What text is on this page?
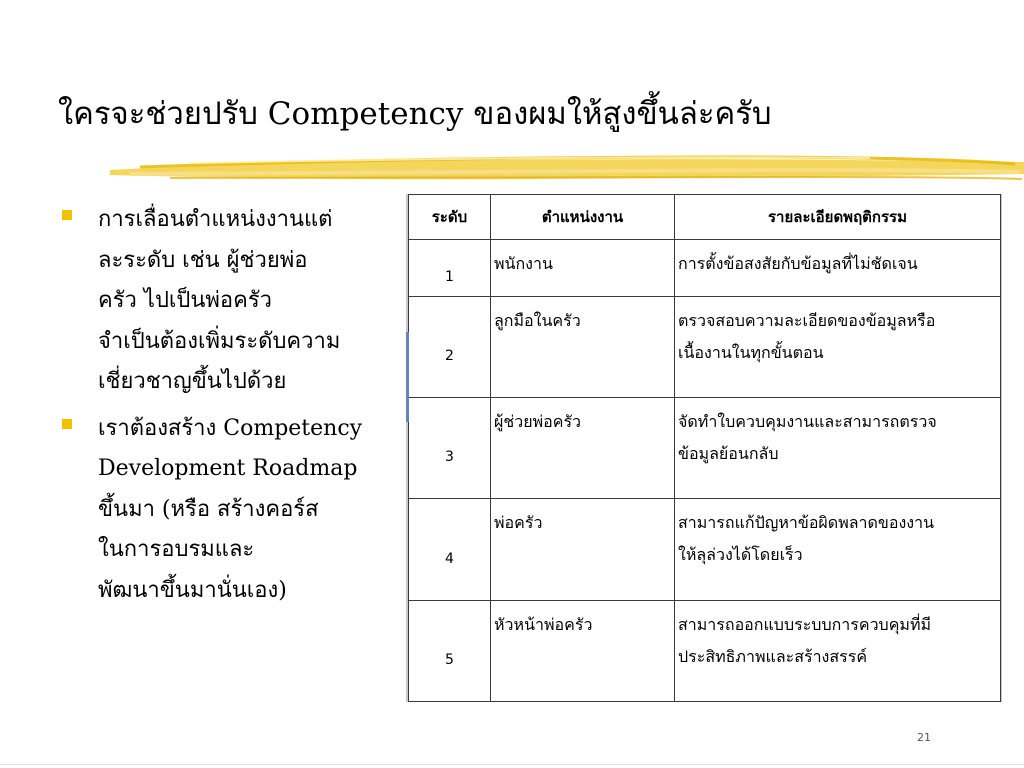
ใครจะช่วยปรับ Competency ของผมให้สูงขึ้นล่ะครับ
การเลื่อนตำแหน่งงานแต่
ละระดับ เช่น ผู้ช่วยพ่อ
ครัว ไปเป็นพ่อครัว
จำเป็นต้องเพิ่มระดับความ
เชี่ยวชาญขึ้นไปด้วย
เราต้องสร้าง Competency
Development Roadmap
ขึ้นมา (หรือ สร้างคอร์ส
ในการอบรมและ
พัฒนาขึ้นมานั่นเอง)
ระดับ	ตำแหน่งงาน	รายละเอียดพฤติกรรม
1	พนักงาน	การตั้งข้อสงสัยกับข้อมูลที่ไม่ชัดเจน
2	ลูกมือในครัว	ตรวจสอบความละเอียดของข้อมูลหรือ
เนื้องานในทุกขั้นตอน
3	ผู้ช่วยพ่อครัว	จัดทำใบควบคุมงานและสามารถตรวจ
ข้อมูลย้อนกลับ
4	พ่อครัว	สามารถแก้ปัญหาข้อผิดพลาดของงาน
ให้ลุล่วงได้โดยเร็ว
5	หัวหน้าพ่อครัว	สามารถออกแบบระบบการควบคุมที่มี
ประสิทธิภาพและสร้างสรรค์
21
